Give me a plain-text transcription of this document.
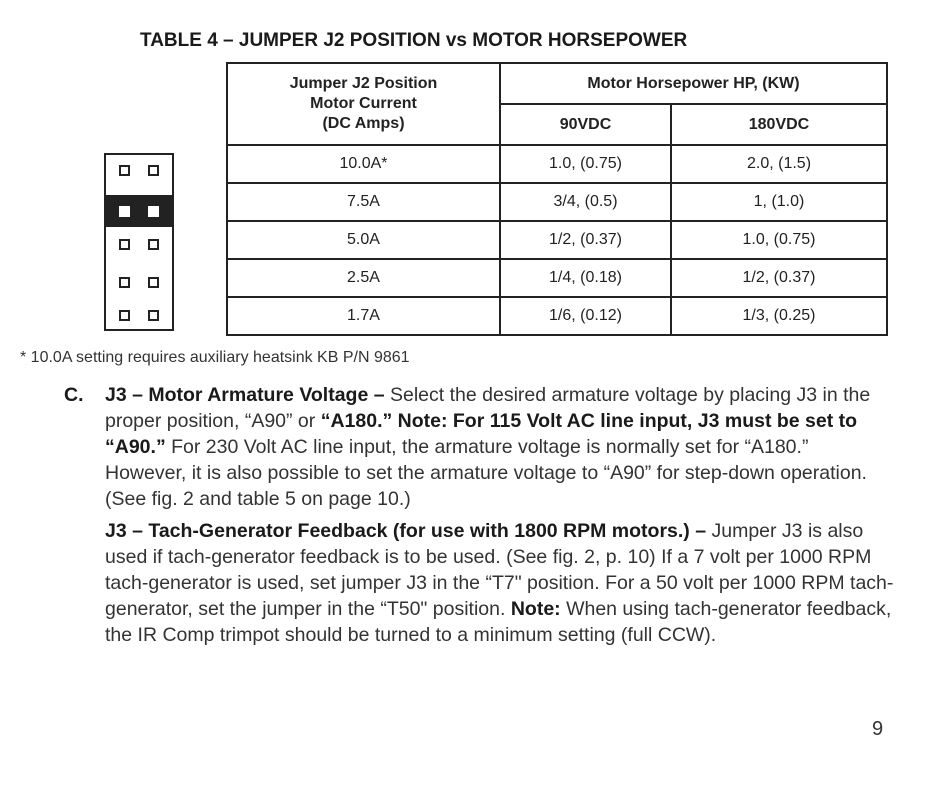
TABLE 4 – JUMPER J2 POSITION vs MOTOR HORSEPOWER
Jumper J2 Position
Motor Current
(DC Amps)	Motor Horsepower HP, (KW)	
	90VDC	180VDC
10.0A*	1.0, (0.75)	2.0, (1.5)
7.5A	3/4, (0.5)	1, (1.0)
5.0A	1/2, (0.37)	1.0, (0.75)
2.5A	1/4, (0.18)	1/2, (0.37)
1.7A	1/6, (0.12)	1/3, (0.25)
* 10.0A setting requires auxiliary heatsink KB P/N 9861
C. J3 – Motor Armature Voltage – Select the desired armature voltage by placing J3 in the proper position, “A90” or “A180.” Note: For 115 Volt AC line input, J3 must be set to “A90.” For 230 Volt AC line input, the armature voltage is normally set for “A180.” However, it is also possible to set the armature voltage to “A90” for step-down operation. (See fig. 2 and table 5 on page 10.)
J3 – Tach-Generator Feedback (for use with 1800 RPM motors.) – Jumper J3 is also used if tach-generator feedback is to be used. (See fig. 2, p. 10) If a 7 volt per 1000 RPM tach-generator is used, set jumper J3 in the “T7" position. For a 50 volt per 1000 RPM tach-generator, set the jumper in the “T50" position. Note: When using tach-generator feedback, the IR Comp trimpot should be turned to a minimum setting (full CCW).
9
